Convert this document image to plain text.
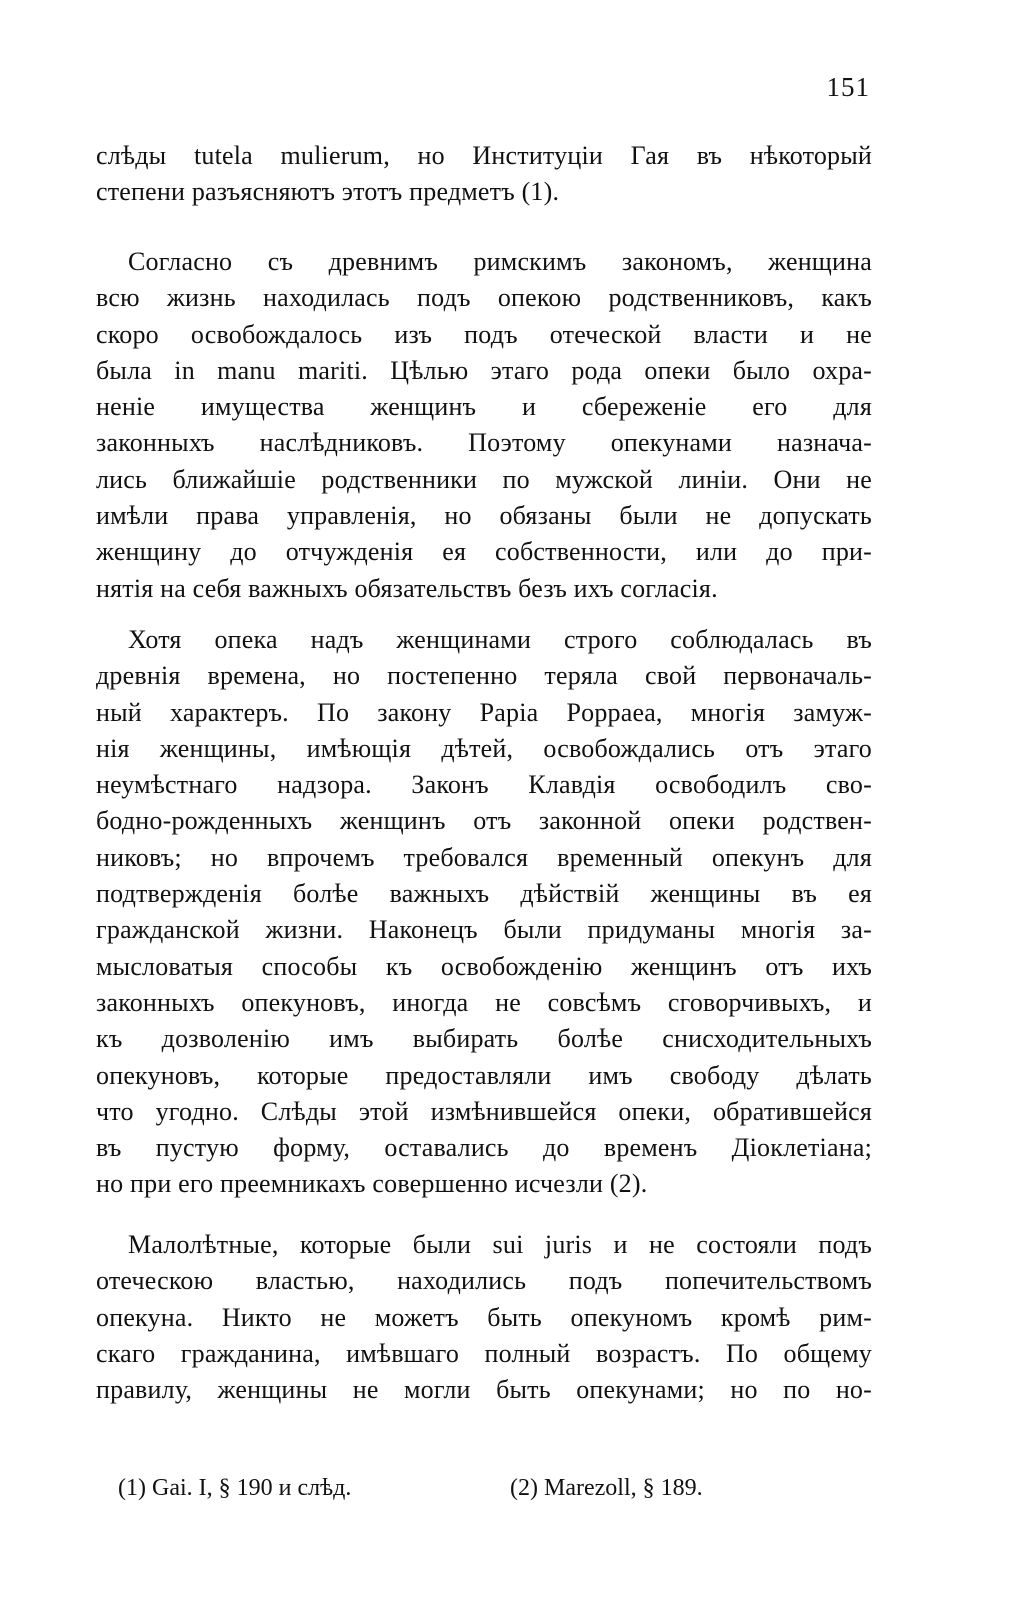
151
слѣды tutela mulierum, но Институціи Гая въ нѣкоторый
степени разъясняютъ этотъ предметъ (1).
Согласно съ древнимъ римскимъ закономъ, женщина
всю жизнь находилась подъ опекою родственниковъ, какъ
скоро освобождалось изъ подъ отеческой власти и не
была in manu mariti. Цѣлью этаго рода опеки было охра-
неніе имущества женщинъ и сбереженіе его для
законныхъ наслѣдниковъ. Поэтому опекунами назнача-
лись ближайшіе родственники по мужской линіи. Они не
имѣли права управленія, но обязаны были не допускать
женщину до отчужденія ея собственности, или до при-
нятія на себя важныхъ обязательствъ безъ ихъ согласія.
Хотя опека надъ женщинами строго соблюдалась въ
древнія времена, но постепенно теряла свой первоначаль-
ный характеръ. По закону Papia Poppaea, многія замуж-
нія женщины, имѣющія дѣтей, освобождались отъ этаго
неумѣстнаго надзора. Законъ Клавдія освободилъ сво-
бодно-рожденныхъ женщинъ отъ законной опеки родствен-
никовъ; но впрочемъ требовался временный опекунъ для
подтвержденія болѣе важныхъ дѣйствій женщины въ ея
гражданской жизни. Наконецъ были придуманы многія за-
мысловатыя способы къ освобожденію женщинъ отъ ихъ
законныхъ опекуновъ, иногда не совсѣмъ сговорчивыхъ, и
къ дозволенію имъ выбирать болѣе снисходительныхъ
опекуновъ, которые предоставляли имъ свободу дѣлать
что угодно. Слѣды этой измѣнившейся опеки, обратившейся
въ пустую форму, оставались до временъ Діоклетіана;
но при его преемникахъ совершенно исчезли (2).
Малолѣтные, которые были sui juris и не состояли подъ
отеческою властью, находились подъ попечительствомъ
опекуна. Никто не можетъ быть опекуномъ кромѣ рим-
скаго гражданина, имѣвшаго полный возрастъ. По общему
правилу, женщины не могли быть опекунами; но по но-
(1) Gai. I, § 190 и слѣд.	(2) Marezoll, § 189.
